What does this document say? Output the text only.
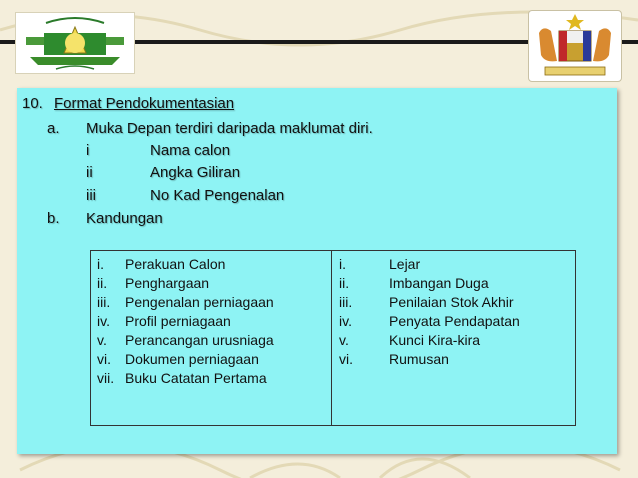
10. Format Pendokumentasian
a. Muka Depan terdiri daripada maklumat diri.
i	Nama calon
ii	Angka Giliran
iii	No Kad Pengenalan
b. Kandungan
i. Perakuan Calon
ii. Penghargaan
iii. Pengenalan perniagaan
iv. Profil perniagaan
v. Perancangan urusniaga
vi. Dokumen perniagaan
vii. Buku Catatan Pertama
i.	Lejar
ii.	Imbangan Duga
iii.	Penilaian Stok Akhir
iv.	Penyata Pendapatan
v.	Kunci Kira-kira
vi.	Rumusan
